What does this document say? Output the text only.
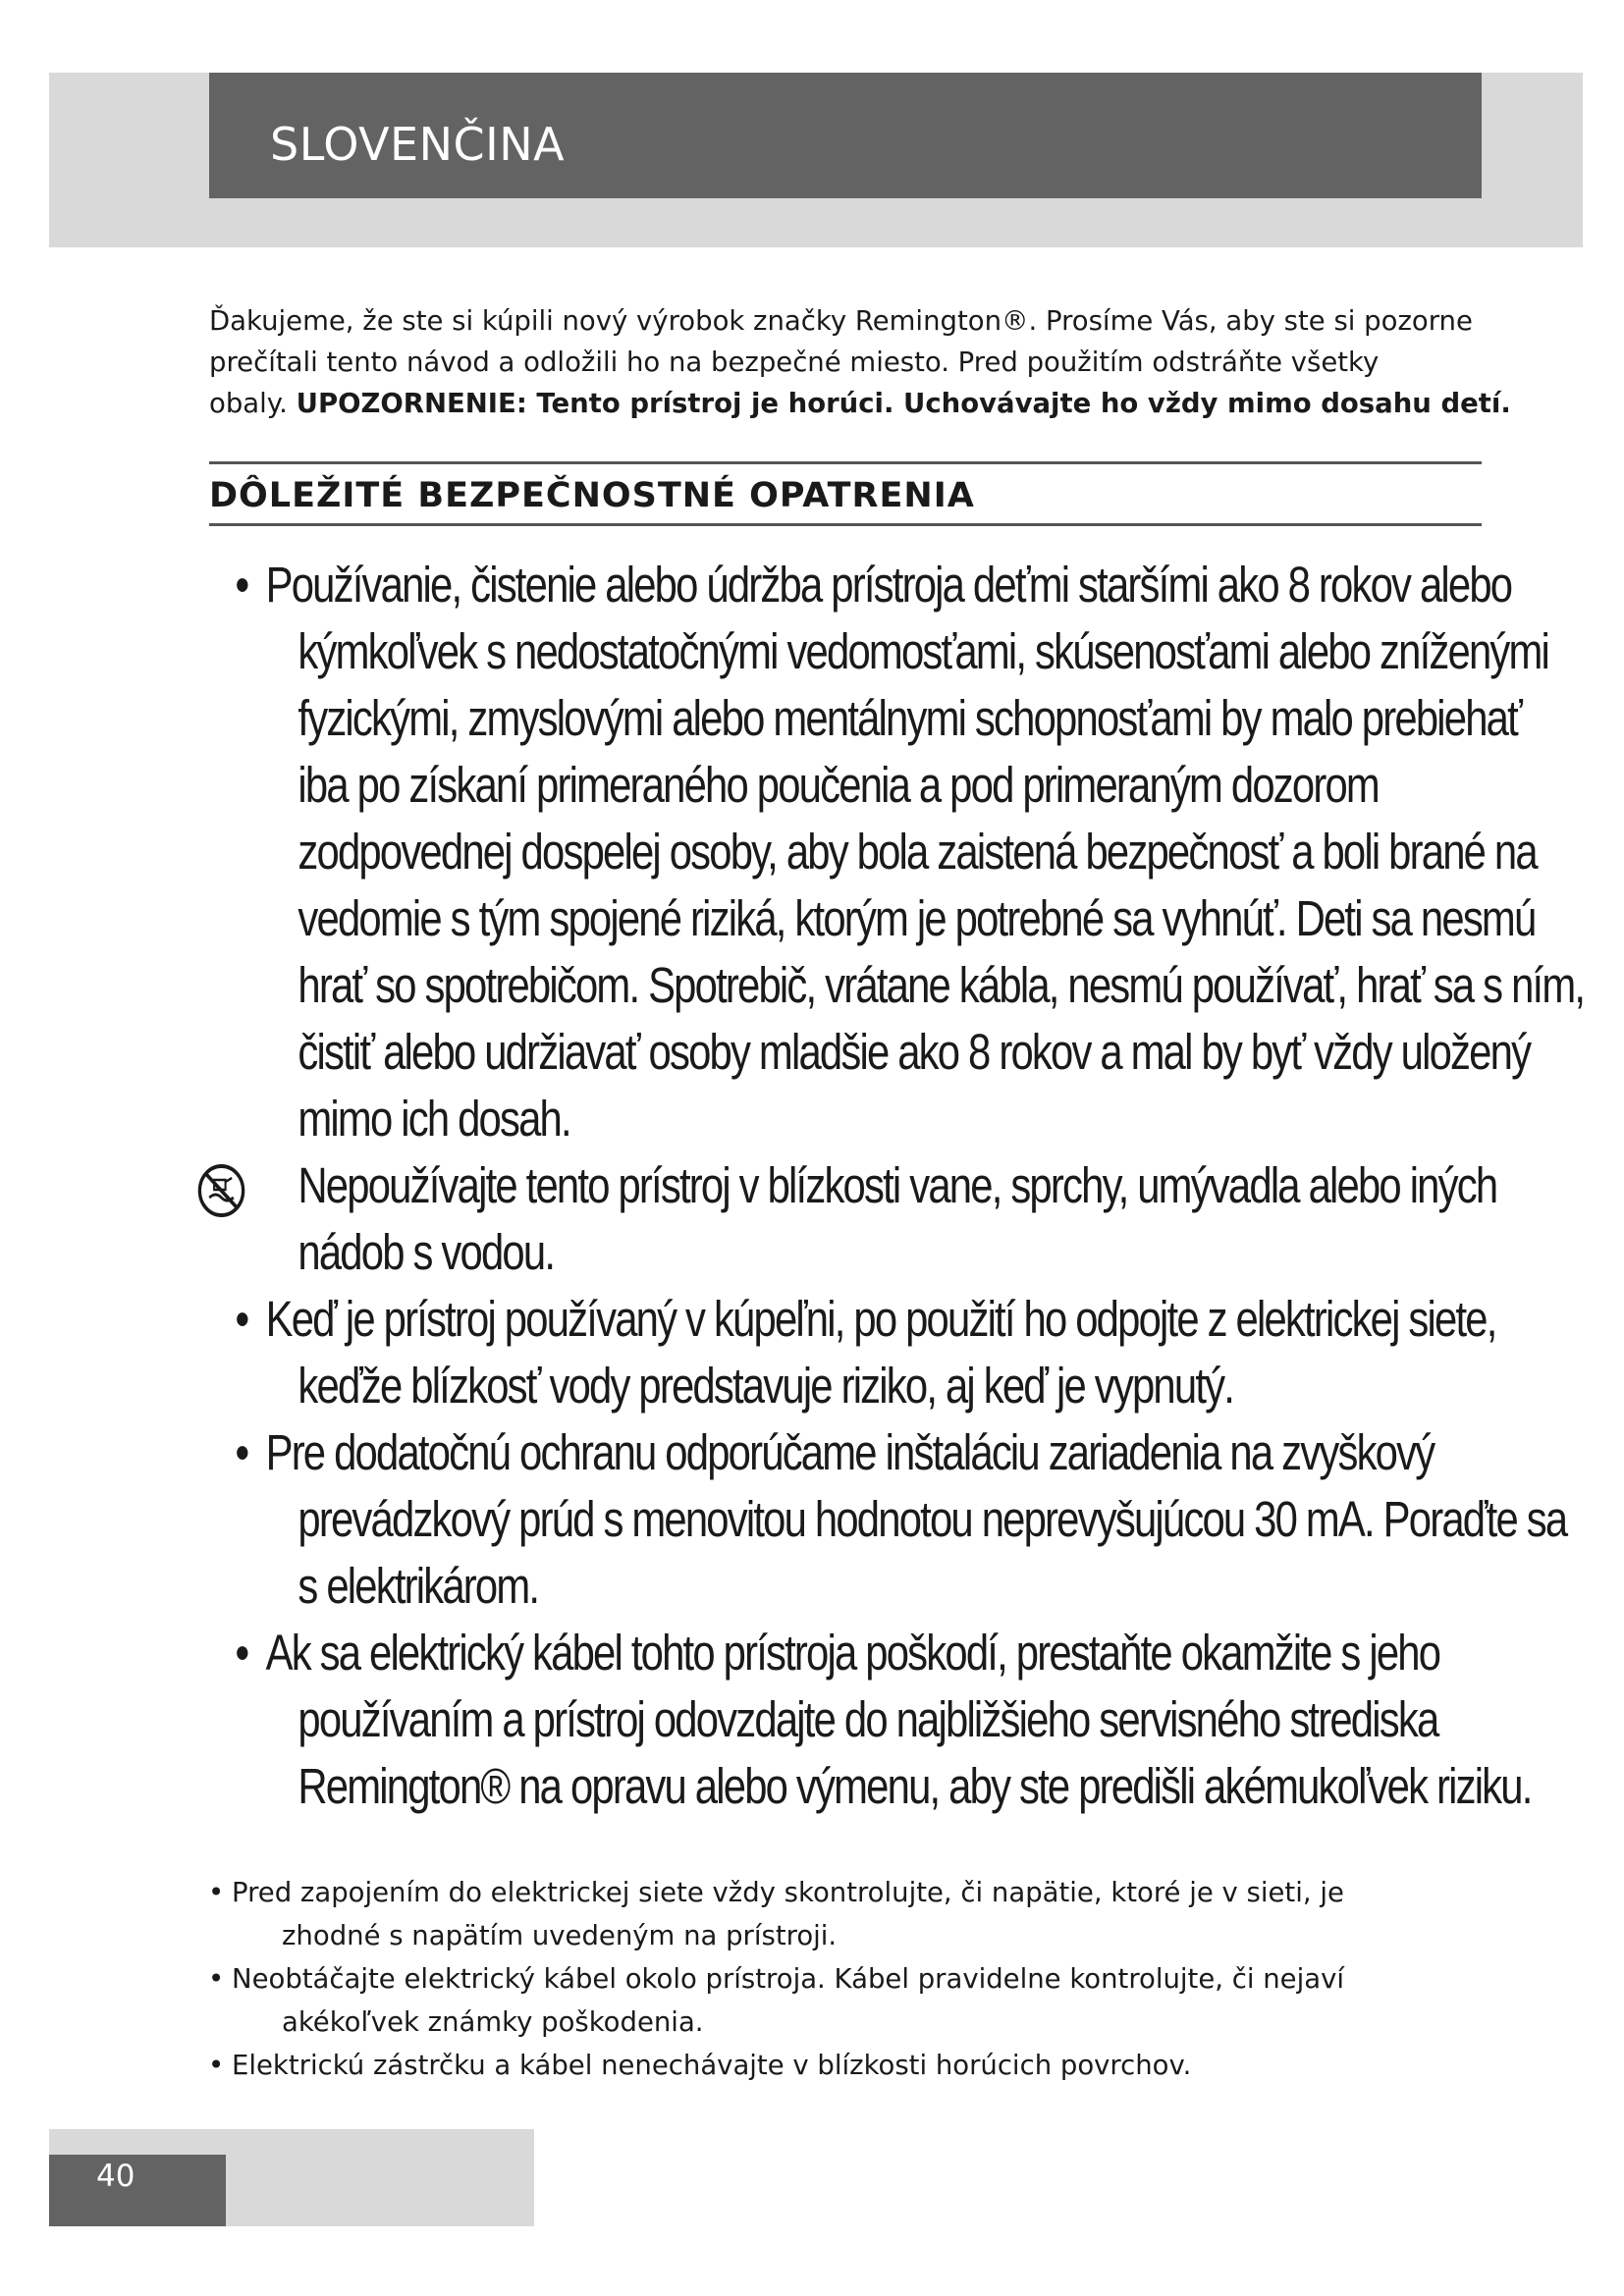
SLOVENČINA
Ďakujeme, že ste si kúpili nový výrobok značky Remington®. Prosíme Vás, aby ste si pozorne
prečítali tento návod a odložili ho na bezpečné miesto. Pred použitím odstráňte všetky
obaly. UPOZORNENIE: Tento prístroj je horúci. Uchovávajte ho vždy mimo dosahu detí.
DÔLEŽITÉ BEZPEČNOSTNÉ OPATRENIA
• Používanie, čistenie alebo údržba prístroja deťmi staršími ako 8 rokov alebo
kýmkoľvek s nedostatočnými vedomosťami, skúsenosťami alebo zníženými
fyzickými, zmyslovými alebo mentálnymi schopnosťami by malo prebiehať
iba po získaní primeraného poučenia a pod primeraným dozorom
zodpovednej dospelej osoby, aby bola zaistená bezpečnosť a boli brané na
vedomie s tým spojené riziká, ktorým je potrebné sa vyhnúť. Deti sa nesmú
hrať so spotrebičom. Spotrebič, vrátane kábla, nesmú používať, hrať sa s ním,
čistiť alebo udržiavať osoby mladšie ako 8 rokov a mal by byť vždy uložený
mimo ich dosah.
Nepoužívajte tento prístroj v blízkosti vane, sprchy, umývadla alebo iných
nádob s vodou.
• Keď je prístroj používaný v kúpeľni, po použití ho odpojte z elektrickej siete,
keďže blízkosť vody predstavuje riziko, aj keď je vypnutý.
• Pre dodatočnú ochranu odporúčame inštaláciu zariadenia na zvyškový
prevádzkový prúd s menovitou hodnotou neprevyšujúcou 30 mA. Poraďte sa
s elektrikárom.
• Ak sa elektrický kábel tohto prístroja poškodí, prestaňte okamžite s jeho
používaním a prístroj odovzdajte do najbližšieho servisného strediska
Remington® na opravu alebo výmenu, aby ste predišli akémukoľvek riziku.
• Pred zapojením do elektrickej siete vždy skontrolujte, či napätie, ktoré je v sieti, je
zhodné s napätím uvedeným na prístroji.
• Neobtáčajte elektrický kábel okolo prístroja. Kábel pravidelne kontrolujte, či nejaví
akékoľvek známky poškodenia.
• Elektrickú zástrčku a kábel nenechávajte v blízkosti horúcich povrchov.
40
